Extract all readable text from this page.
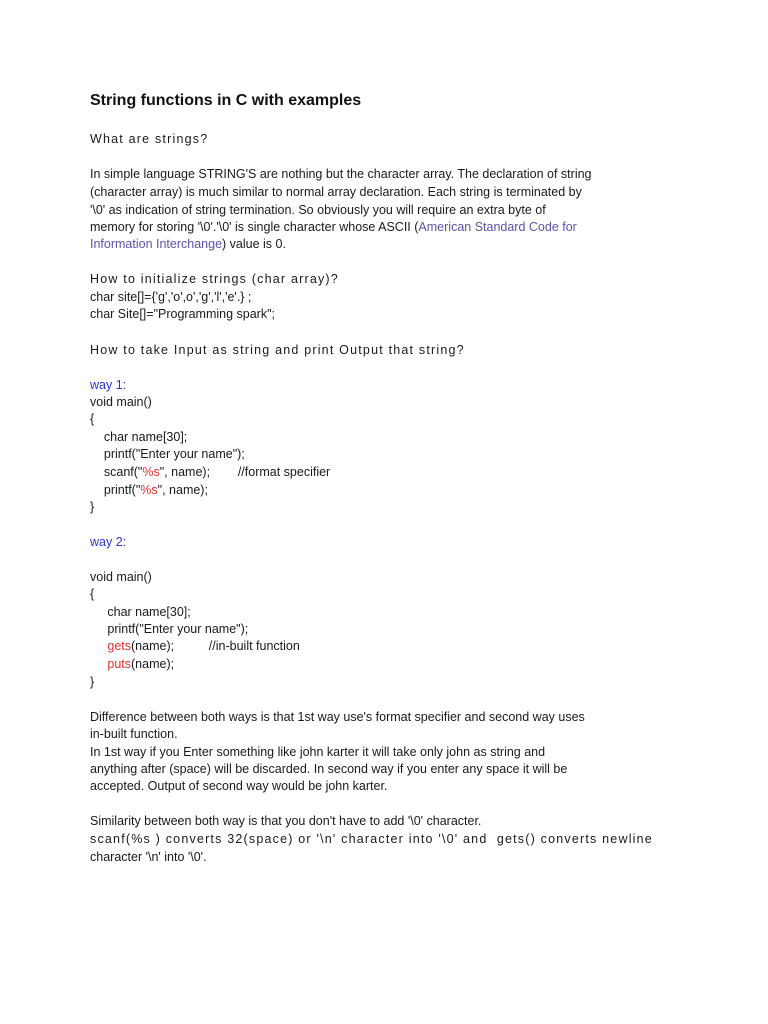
String functions in C with examples
What are strings?
In simple language STRING'S are nothing but the character array. The declaration of string
(character array) is much similar to normal array declaration. Each string is terminated by
'\0' as indication of string termination. So obviously you will require an extra byte of
memory for storing '\0'.'\0' is single character whose ASCII (American Standard Code for
Information Interchange) value is 0.
How to initialize strings (char array)?
char site[]={'g','o',o','g','l','e'.} ;
char Site[]="Programming spark";
How to take Input as string and print Output that string?
way 1:
void main()
{
char name[30];
printf("Enter your name");
scanf("%s", name);        //format specifier
printf("%s", name);
}
way 2:
void main()
{
char name[30];
printf("Enter your name");
gets(name);          //in-built function
puts(name);
}
Difference between both ways is that 1st way use's format specifier and second way uses
in-built function.
In 1st way if you Enter something like john karter it will take only john as string and
anything after (space) will be discarded. In second way if you enter any space it will be
accepted. Output of second way would be john karter.
Similarity between both way is that you don't have to add '\0' character.
scanf(%s ) converts 32(space) or '\n' character into '\0' and  gets() converts newline
character '\n' into '\0'.
